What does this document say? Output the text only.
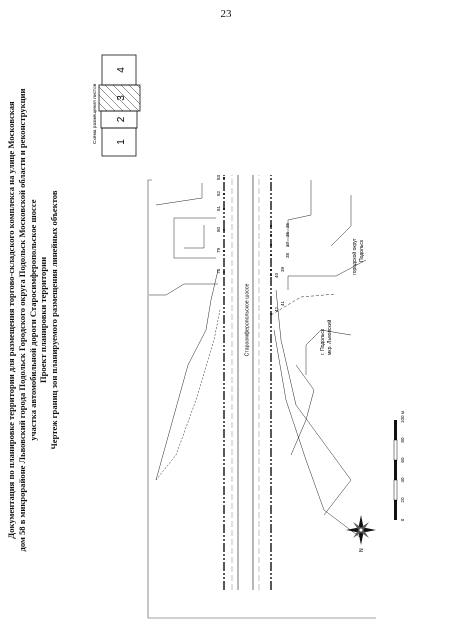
23
Документация по планировке территории для размещения торгово-складского комплекса на улице Московская дом 58 в микрорайоне Львовский города Подольск Городского округа Подольск Московской области и реконструкции участка автомобильной дороги Старосимферопольское шоссе Проект планировки территории Чертеж границ зон планируемого размещения линейных объектов
Схема размещения листов 1
2
3
4
Староомферопольское шоссе
78
79
80
81
82
83
42
41
40
39
38
37
36
35
г. Подольск мкр. Львовский
городской округ Подольск
N
0
20
40
60
80
100 м
